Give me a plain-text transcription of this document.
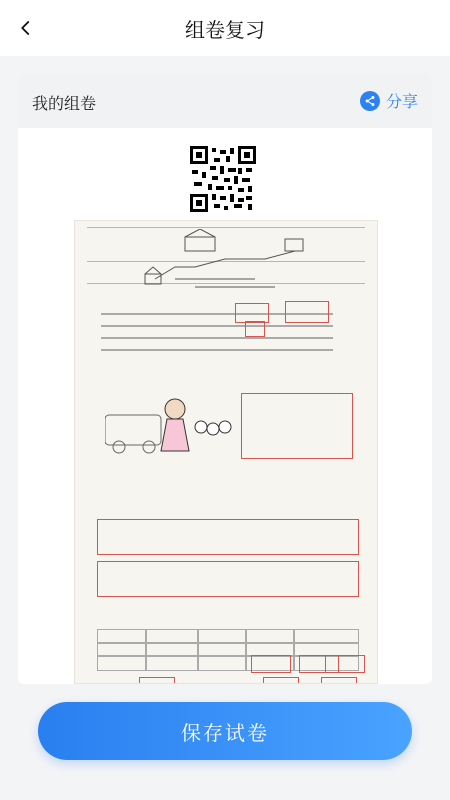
组卷复习
我的组卷	分享
保存试卷
